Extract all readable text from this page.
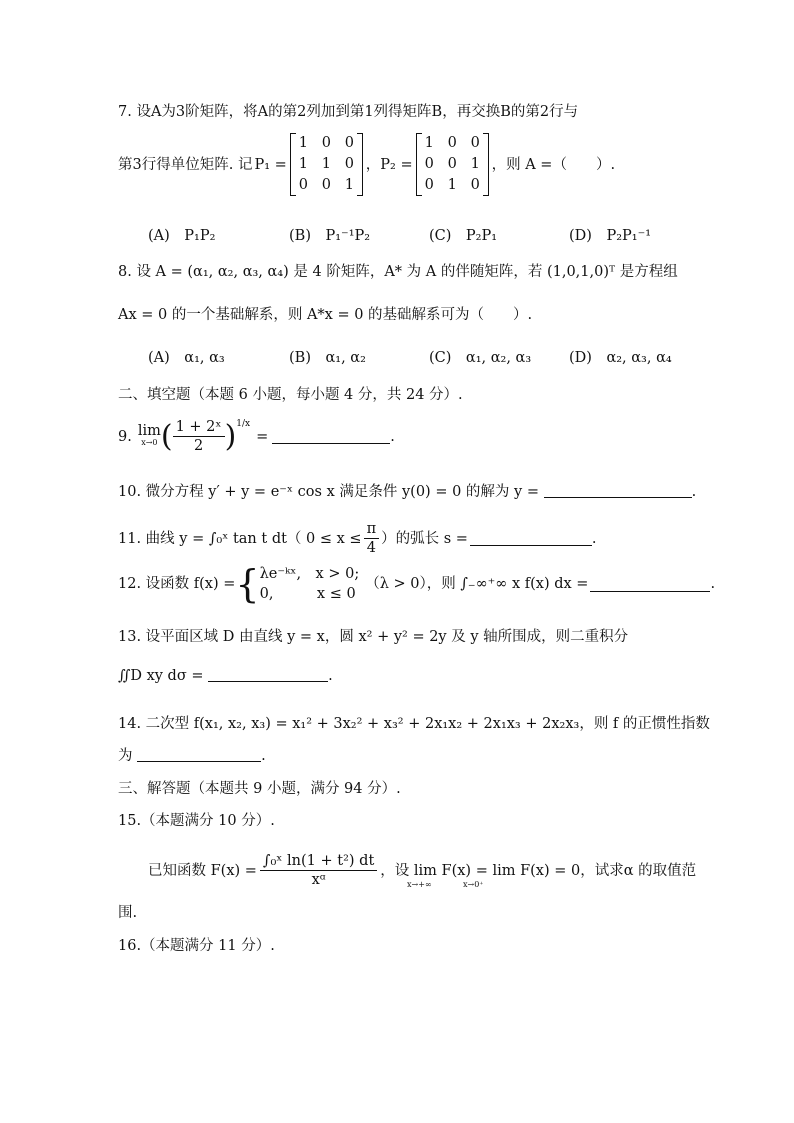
7. 设A为3阶矩阵，将A的第2列加到第1列得矩阵B，再交换B的第2行与
第3行得单位矩阵. 记 P₁ =
1 0 0
1 1 0
0 0 1
，P₂ =
1 0 0
0 0 1
0 1 0
，则 A =（　　）.
(A)　P₁P₂	(B)　P₁⁻¹P₂	(C)　P₂P₁	(D)　P₂P₁⁻¹
8. 设 A = (α₁, α₂, α₃, α₄) 是 4 阶矩阵，A* 为 A 的伴随矩阵，若 (1,0,1,0)ᵀ 是方程组
Ax = 0 的一个基础解系，则 A*x = 0 的基础解系可为（　　）.
(A)　α₁, α₃	(B)　α₁, α₂	(C)　α₁, α₂, α₃	(D)　α₂, α₃, α₄
二、填空题（本题 6 小题，每小题 4 分，共 24 分）.
9. lim
x→0 ( $\frac{\text{1 + 2ˣ}}{2}$ ) 1/x
=	.
10. 微分方程 y′ + y = e⁻ˣ cos x 满足条件 y(0) = 0 的解为 y =	.
11. 曲线 y = ∫₀ˣ tan t dt（ $0 \le x \le \frac{\pi}{4}$ ）的弧长 s =	.
12. 设函数 f(x) = { λe⁻ᵏˣ,　x > 0;
0,　　　x ≤ 0
（λ > 0），则 ∫₋∞⁺∞ x f(x) dx =	.
13. 设平面区域 D 由直线 y = x，圆 x² + y² = 2y 及 y 轴所围成，则二重积分
∬D xy dσ =	.
14. 二次型 f(x₁, x₂, x₃) = x₁² + 3x₂² + x₃² + 2x₁x₂ + 2x₁x₃ + 2x₂x₃，则 f 的正惯性指数
为	.
三、解答题（本题共 9 小题，满分 94 分）.
15.（本题满分 10 分）.
已知函数 $F(x) = \frac{\text{∫₀ˣ ln(1 + t²) dt}}{\text{xᵅ}}$ ，设 lim F(x) = lim F(x) = 0，试求α 的取值范
x→+∞	x→0⁺
围.
16.（本题满分 11 分）.
